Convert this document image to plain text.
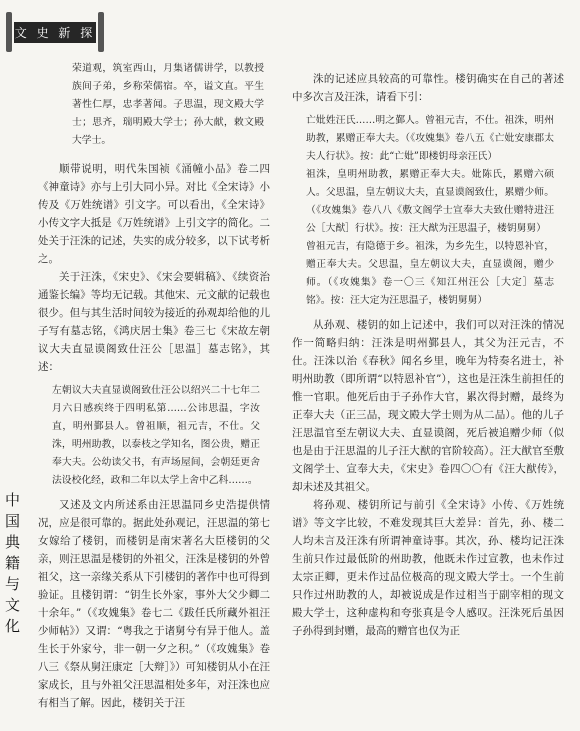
文 史 新 探
中国典籍与文化

荣道观，筑室西山，月集诸儒讲学，以教授族间子弟，乡称荣儒宿。卒，谥文直。平生著性仁厚，忠孝著闻。子思温，现文殿大学士；思齐，瑞明殿大学士；孙大献，敕文殿大学士。

顺带说明，明代朱国祯《涌幢小品》卷二四《神童诗》亦与上引大同小异。对比《全宋诗》小传及《万姓统谱》引文字。可以看出，《全宋诗》小传文字大抵是《万姓统谱》上引文字的简化。二处关于汪洙的记述，失实的成分较多，以下试考析之。

关于汪洙，《宋史》、《宋会要辑稿》、《续资治通鉴长编》等均无记载。其他宋、元文献的记载也很少。但与其生活时间较为接近的孙观却给他的儿子写有墓志铭，《鸿庆居士集》卷三七《宋故左朝议大夫直显谟阁致仕汪公［思温］墓志铭》，其述：

左朝议大夫直显谟阁致仕汪公以绍兴二十七年二月六日感疾终于四明私第……公讳思温，字汝直，明州鄞县人。曾祖顺，祖元吉，不仕。父洙，明州助教，以泰枝之学知名，图公贵，赠正奉大夫。公幼读父书，有声场屋间，会朝廷更舍法设校化经，政和二年以太学上舍中乙科……。

又述及文内所述系由汪思温同乡史浩提供情况，应是很可靠的。据此处孙观记，汪思温的第七女嫁给了楼钥，而楼钥是南宋著名大臣楼钥的父亲，则汪思温是楼钥的外祖父，汪洙是楼钥的外曾祖父，这一亲缘关系从下引楼钥的著作中也可得到验证。且楼钥谓：“钥生长外家，事外大父少卿二十余年。”（《攻媿集》卷七二《跋任氏所藏外祖汪少师帖》）又谓：“粤我之于诸舅兮有异于他人。盖生长于外家兮，非一朝一夕之积。”（《攻媿集》卷八三《祭从舅汪康定［大辩］》）可知楼钥从小在汪家成长，且与外祖父汪思温相处多年，对汪洙也应有相当了解。因此，楼钥关于汪

洙的记述应具较高的可靠性。楼钥确实在自己的著述中多次言及汪洙，请看下引：

亡妣姓汪氏……明之鄞人。曾祖元吉，不仕。祖洙，明州助教，累赠正奉大夫。（《攻媿集》卷八五《亡妣安康郡太夫人行状》。按：此“亡妣”即楼钥母亲汪氏）

祖洙，皇明州助教，累赠正奉大夫。妣陈氏，累赠六硕人。父思温，皇左朝议大夫，直显谟阁致仕，累赠少师。（《攻媿集》卷八八《敷文阁学士宣奉大夫致仕赠特进汪公［大猷］行状》。按：汪大猷为汪思温子，楼钥舅舅）

曾祖元吉，有隐德于乡。祖洙，为乡先生，以特恩补官，赠正奉大夫。父思温，皇左朝议大夫，直显谟阁，赠少师。（《攻媿集》卷一〇三《知江州汪公［大定］墓志铭》。按：汪大定为汪思温子，楼钥舅舅）

从孙观、楼钥的如上记述中，我们可以对汪洙的情况作一简略归纳：汪洙是明州鄞县人，其父为汪元吉，不仕。汪洙以治《春秋》闻名乡里，晚年为特奏名进士，补明州助教（即所谓“以特恩补官”），这也是汪洙生前担任的惟一官职。他死后由于子孙作大官，累次得封赠，最终为正奉大夫（正三品，现文殿大学士则为从二品）。他的儿子汪思温官至左朝议大夫、直显谟阁，死后被追赠少师（似也是由于汪思温的儿子汪大猷的官阶较高）。汪大猷官至敷文阁学士、宣奉大夫，《宋史》卷四〇〇有《汪大猷传》，却未述及其祖父。

将孙观、楼钥所记与前引《全宋诗》小传、《万姓统谱》等文字比较，不难发现其巨大差异：首先，孙、楼二人均未言及汪洙有所谓神童诗事。其次，孙、楼均记汪洙生前只作过最低阶的州助教，他既未作过宣教，也未作过太宗正卿，更未作过品位极高的现文殿大学士。一个生前只作过州助教的人，却被说成是作过相当于副宰相的现文殿大学士，这种虚构和夸张真是令人感叹。汪洙死后虽因子孙得到封赠，最高的赠官也仅为正
